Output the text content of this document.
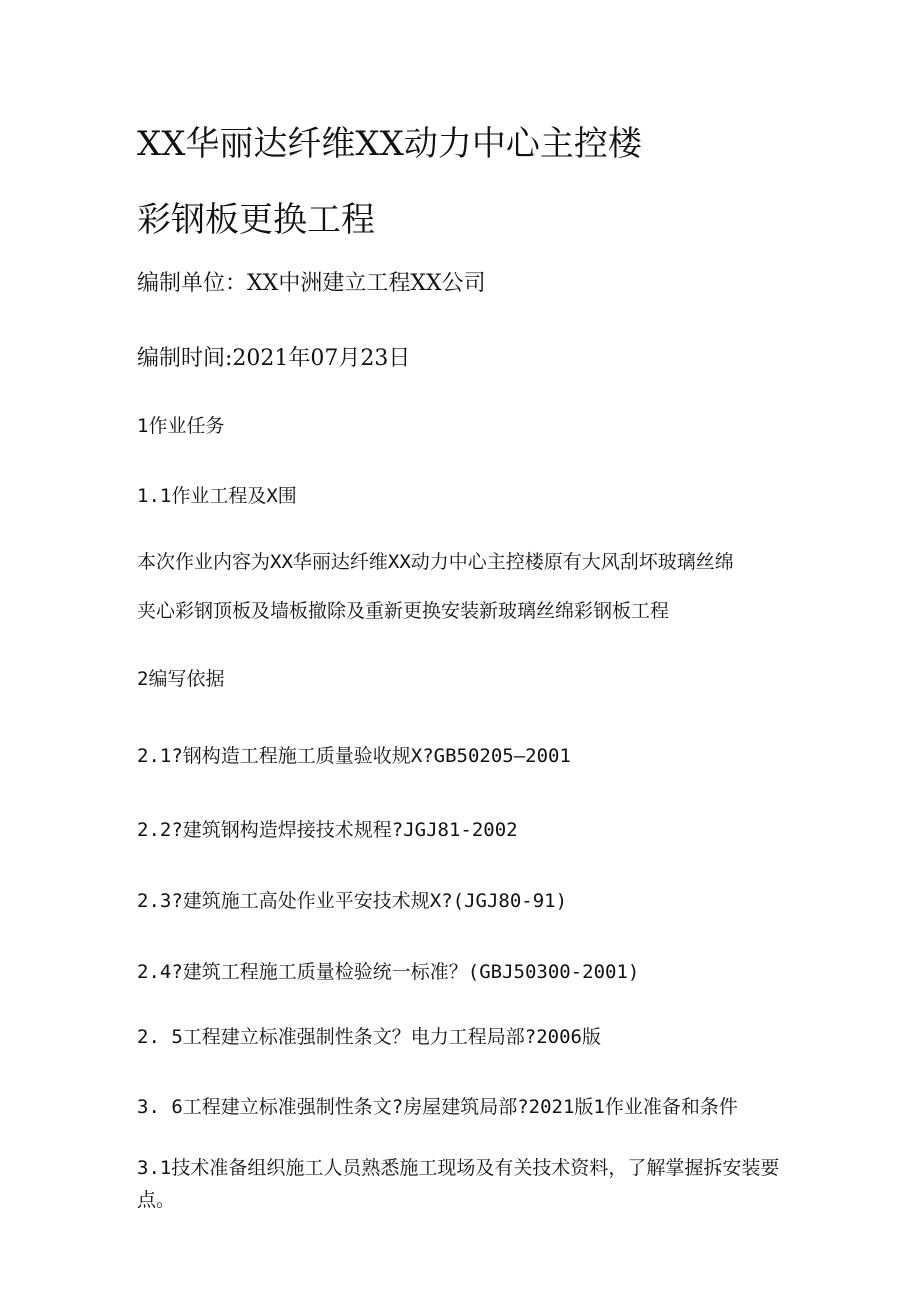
XX华丽达纤维XX动力中心主控楼
彩钢板更换工程
编制单位：XX中洲建立工程XX公司
编制时间:2021年07月23日
1作业任务
1.1作业工程及X围
本次作业内容为XX华丽达纤维XX动力中心主控楼原有大风刮坏玻璃丝绵
夹心彩钢顶板及墙板撤除及重新更换安装新玻璃丝绵彩钢板工程
2编写依据
2.1?钢构造工程施工质量验收规X?GB50205—2001
2.2?建筑钢构造焊接技术规程?JGJ81-2002
2.3?建筑施工高处作业平安技术规X?(JGJ80-91)
2.4?建筑工程施工质量检验统一标准？(GBJ50300-2001)
2. 5工程建立标准强制性条文？电力工程局部?2006版
3. 6工程建立标准强制性条文?房屋建筑局部?2021版1作业准备和条件

3.1技术准备组织施工人员熟悉施工现场及有关技术资料，了解掌握拆安装要点。
